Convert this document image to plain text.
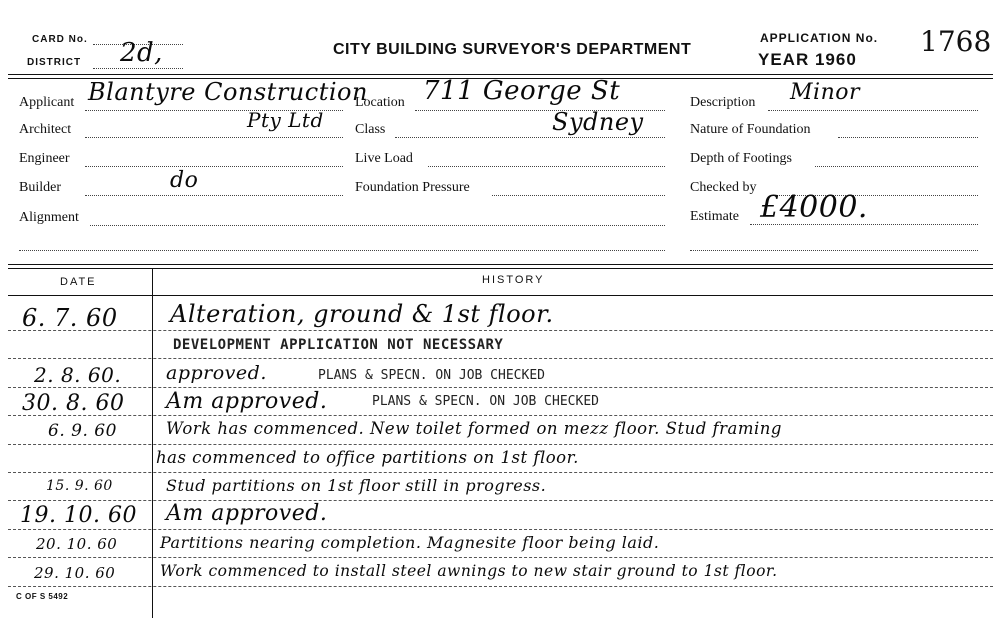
CARD No.
DISTRICT 2d,	CITY BUILDING SURVEYOR'S DEPARTMENT
APPLICATION No. 1768
YEAR 1960
Applicant Blantyre Construction
Architect	Pty Ltd
Engineer
Builder	do
Alignment
Location 711 George St
Class	Sydney
Live Load
Foundation Pressure
Description Minor
Nature of Foundation
Depth of Footings
Checked by
Estimate £4000.
DATE	HISTORY
6. 7. 60 Alteration, ground & 1st floor.
DEVELOPMENT APPLICATION NOT NECESSARY
2. 8. 60. approved.	PLANS & SPECN. ON JOB CHECKED
30. 8. 60 Am approved.	PLANS & SPECN. ON JOB CHECKED
6. 9. 60	Work has commenced. New toilet formed on mezz floor. Stud framing
has commenced to office partitions on 1st floor.
15. 9. 60	Stud partitions on 1st floor still in progress.
19. 10. 60 Am approved.
20. 10. 60	Partitions nearing completion. Magnesite floor being laid.
29. 10. 60	Work commenced to install steel awnings to new stair ground to 1st floor.
C OF S 5492
